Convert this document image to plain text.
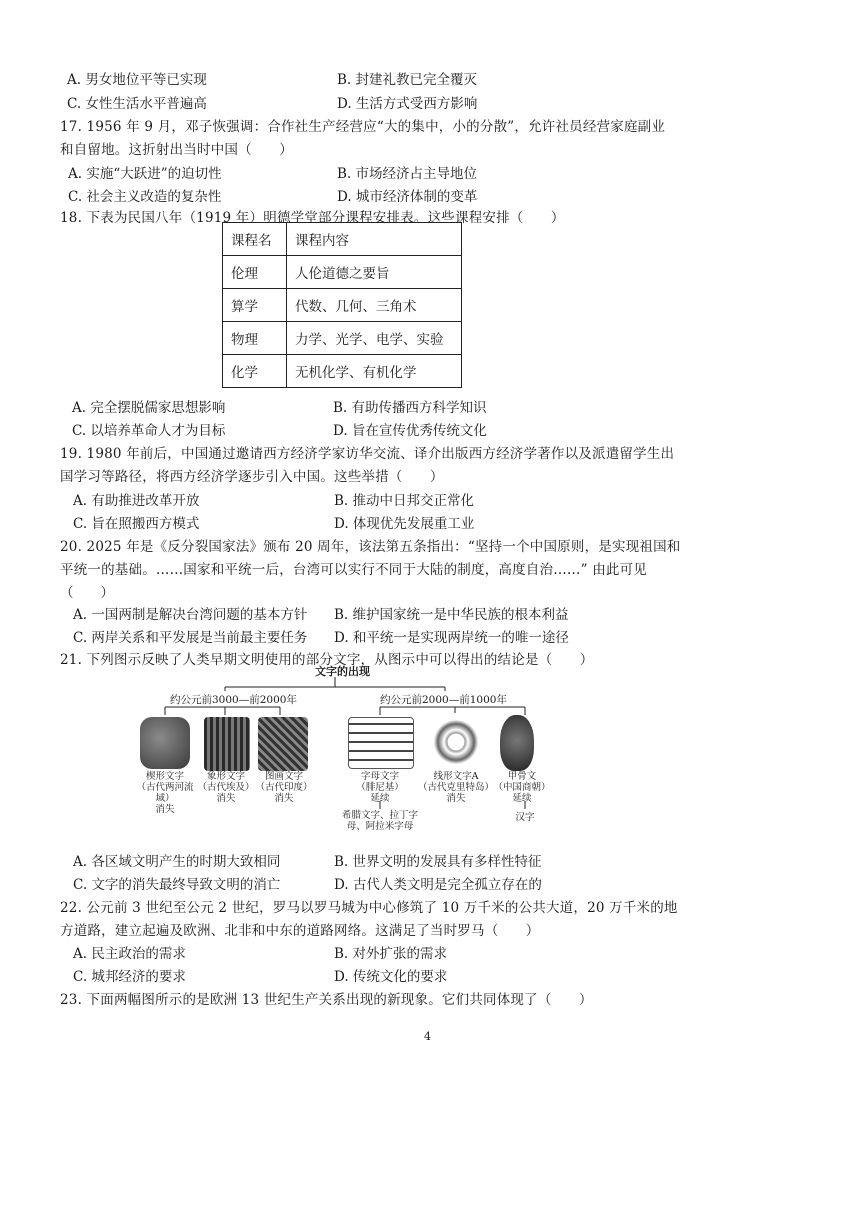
A. 男女地位平等已实现	B. 封建礼教已完全覆灭
C. 女性生活水平普遍高	D. 生活方式受西方影响
17. 1956 年 9 月，邓子恢强调：合作社生产经营应“大的集中，小的分散”，允许社员经营家庭副业
和自留地。这折射出当时中国（　　）
A. 实施“大跃进”的迫切性	B. 市场经济占主导地位
C. 社会主义改造的复杂性	D. 城市经济体制的变革
18. 下表为民国八年（1919 年）明德学堂部分课程安排表。这些课程安排（　　）
课程名	课程内容
伦理	人伦道德之要旨
算学	代数、几何、三角术
物理	力学、光学、电学、实验
化学	无机化学、有机化学
A. 完全摆脱儒家思想影响	B. 有助传播西方科学知识
C. 以培养革命人才为目标	D. 旨在宣传优秀传统文化
19. 1980 年前后，中国通过邀请西方经济学家访华交流、译介出版西方经济学著作以及派遣留学生出
国学习等路径，将西方经济学逐步引入中国。这些举措（　　）
A. 有助推进改革开放	B. 推动中日邦交正常化
C. 旨在照搬西方模式	D. 体现优先发展重工业
20. 2025 年是《反分裂国家法》颁布 20 周年，该法第五条指出：“坚持一个中国原则，是实现祖国和
平统一的基础。……国家和平统一后，台湾可以实行不同于大陆的制度，高度自治……” 由此可见
（　　）
A. 一国两制是解决台湾问题的基本方针 B. 维护国家统一是中华民族的根本利益
C. 两岸关系和平发展是当前最主要任务 D. 和平统一是实现两岸统一的唯一途径
21. 下列图示反映了人类早期文明使用的部分文字，从图示中可以得出的结论是（　　）
文字的出现
约公元前3000—前2000年	约公元前2000—前1000年
楔形文字
（古代两河流域）
消失
象形文字
（古代埃及）
消失
图画文字
（古代印度）
消失
字母文字
（腓尼基）
延续
线形文字A
（古代克里特岛）
消失
甲骨文
（中国商朝）
延续
希腊文字、拉丁字
母、阿拉米字母
汉字
A. 各区域文明产生的时期大致相同	B. 世界文明的发展具有多样性特征
C. 文字的消失最终导致文明的消亡	D. 古代人类文明是完全孤立存在的
22. 公元前 3 世纪至公元 2 世纪，罗马以罗马城为中心修筑了 10 万千米的公共大道，20 万千米的地
方道路，建立起遍及欧洲、北非和中东的道路网络。这满足了当时罗马（　　）
A. 民主政治的需求	B. 对外扩张的需求
C. 城邦经济的要求	D. 传统文化的要求
23. 下面两幅图所示的是欧洲 13 世纪生产关系出现的新现象。它们共同体现了（　　）
4
